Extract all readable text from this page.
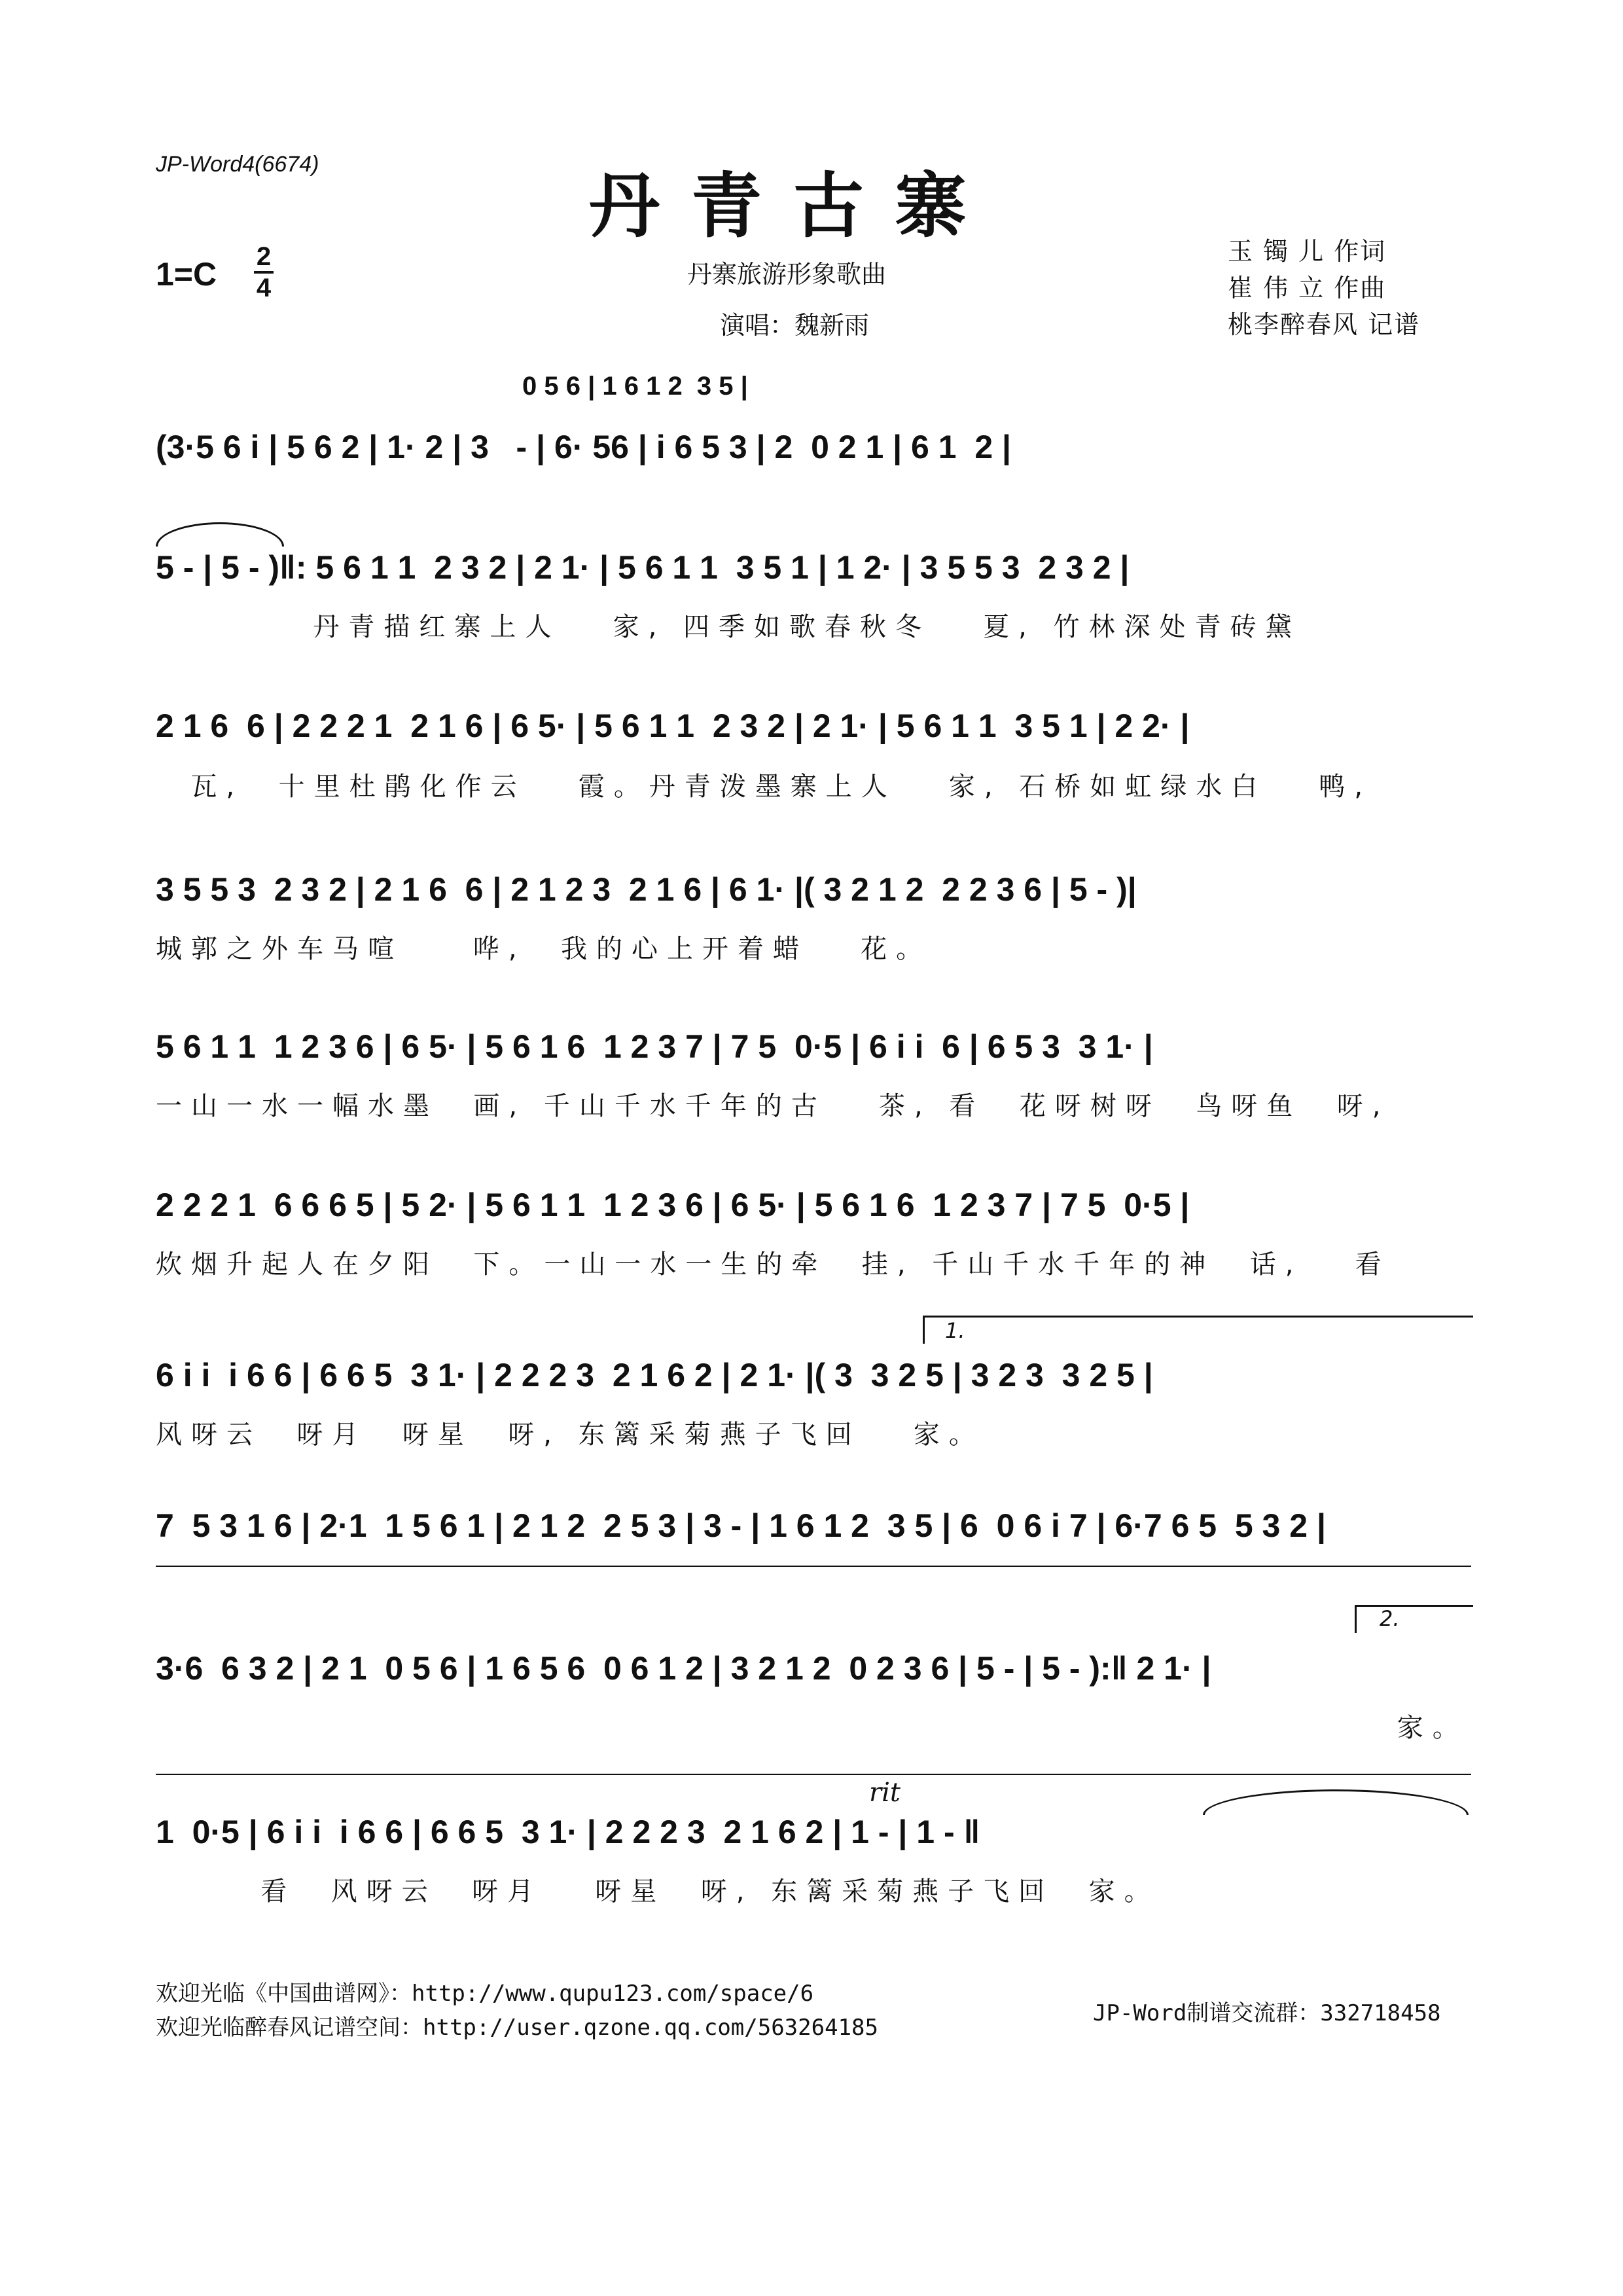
JP-Word4(6674)
丹青古寨
1=C 2
4	丹寨旅游形象歌曲
演唱：魏新雨
玉 镯 儿 作词
崔 伟 立 作曲
桃李醉春风 记谱
0 5 6 | 1 6 1 2  3 5 |
(3·5 6 i | 5 6 2 | 1· 2 | 3   - | 6· 56 | i 6 5 3 | 2  0 2 1 | 6 1  2 |
5 - | 5 - )‖: 5 6 1 1  2 3 2 | 2 1· | 5 6 1 1  3 5 1 | 1 2· | 3 5 5 3  2 3 2 |
丹青描红寨上人   家, 四季如歌春秋冬   夏, 竹林深处青砖黛
2 1 6  6 | 2 2 2 1  2 1 6 | 6 5· | 5 6 1 1  2 3 2 | 2 1· | 5 6 1 1  3 5 1 | 2 2· |
瓦,  十里杜鹃化作云   霞。丹青泼墨寨上人   家, 石桥如虹绿水白   鸭,
3 5 5 3  2 3 2 | 2 1 6  6 | 2 1 2 3  2 1 6 | 6 1· |( 3 2 1 2  2 2 3 6 | 5 - )|
城郭之外车马喧    哗,  我的心上开着蜡   花。
5 6 1 1  1 2 3 6 | 6 5· | 5 6 1 6  1 2 3 7 | 7 5  0·5 | 6 i i  6 | 6 5 3  3 1· |
一山一水一幅水墨  画, 千山千水千年的古   茶, 看  花呀树呀  鸟呀鱼  呀,
2 2 2 1  6 6 6 5 | 5 2· | 5 6 1 1  1 2 3 6 | 6 5· | 5 6 1 6  1 2 3 7 | 7 5  0·5 |
炊烟升起人在夕阳  下。一山一水一生的牵  挂, 千山千水千年的神  话,   看
1.
6 i i  i 6 6 | 6 6 5  3 1· | 2 2 2 3  2 1 6 2 | 2 1· |( 3  3 2 5 | 3 2 3  3 2 5 |
风呀云  呀月  呀星  呀, 东篱采菊燕子飞回   家。
7  5 3 1 6 | 2·1  1 5 6 1 | 2 1 2  2 5 3 | 3 - | 1 6 1 2  3 5 | 6  0 6 i 7 | 6·7 6 5  5 3 2 |
2.
3·6  6 3 2 | 2 1  0 5 6 | 1 6 5 6  0 6 1 2 | 3 2 1 2  0 2 3 6 | 5 - | 5 - ):‖ 2 1· |
家。
rit
1  0·5 | 6 i i  i 6 6 | 6 6 5  3 1· | 2 2 2 3  2 1 6 2 | 1 - | 1 - ‖
看  风呀云  呀月   呀星  呀, 东篱采菊燕子飞回  家。
欢迎光临《中国曲谱网》：http://www.qupu123.com/space/6
欢迎光临醉春风记谱空间：http://user.qzone.qq.com/563264185
JP-Word制谱交流群：332718458
